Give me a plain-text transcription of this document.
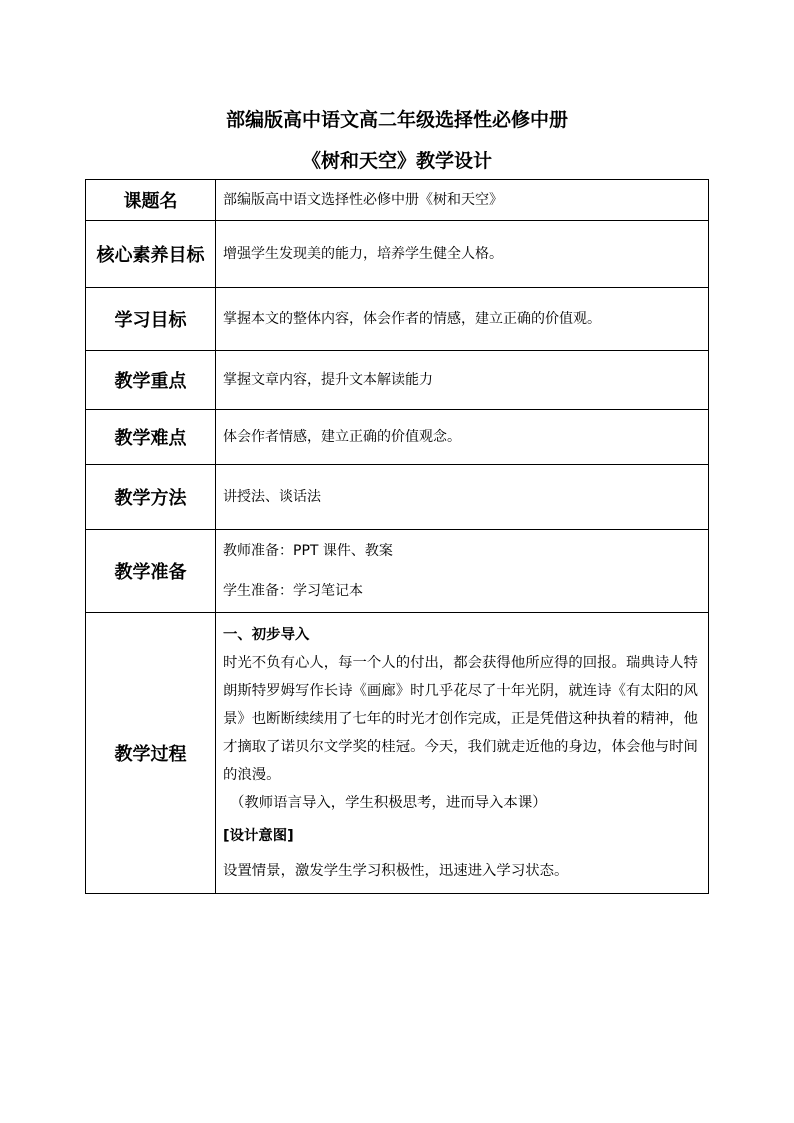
部编版高中语文高二年级选择性必修中册
《树和天空》教学设计
课题名	部编版高中语文选择性必修中册《树和天空》
核心素养目标	增强学生发现美的能力，培养学生健全人格。
学习目标	掌握本文的整体内容，体会作者的情感，建立正确的价值观。
教学重点	掌握文章内容，提升文本解读能力
教学难点	体会作者情感，建立正确的价值观念。
教学方法	讲授法、谈话法
教学准备	教师准备：PPT 课件、教案
学生准备：学习笔记本

教学过程	一、初步导入
时光不负有心人，每一个人的付出，都会获得他所应得的回报。瑞典诗人特朗斯特罗姆写作长诗《画廊》时几乎花尽了十年光阴，就连诗《有太阳的风景》也断断续续用了七年的时光才创作完成，正是凭借这种执着的精神，他才摘取了诺贝尔文学奖的桂冠。今天，我们就走近他的身边，体会他与时间的浪漫。
（教师语言导入，学生积极思考，进而导入本课）
[设计意图]
设置情景，激发学生学习积极性，迅速进入学习状态。
